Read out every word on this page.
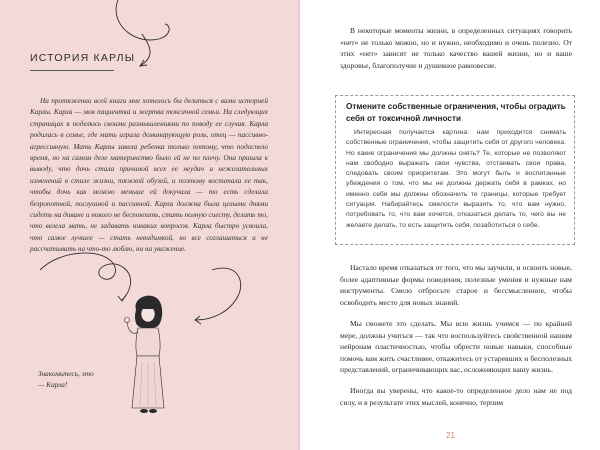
ИСТОРИЯ КАРЛЫ

На протяжении всей книги мне хотелось бы делиться с вами историей Карлы. Карла — моя пациентка и жертва токсичной семьи. На следующих страницах я поделюсь своими размышлениями по поводу ее случая. Карла родилась в семье, где мать играла доминирующую роль, отец — пассивно-агрессивную. Мать Карлы завела ребенка только потому, что подоспело время, но на самом деле материнство было ей не по плечу. Она пришла к выводу, что дочь стала причиной всех ее неудач и нежелательных изменений в стиле жизни, тяжкой обузой, и поэтому воспитала ее так, чтобы дочь как можно меньше ей докучала — то есть сделала безропотной, послушной и пассивной. Карла должна была целыми днями сидеть на диване и никого не беспокоить, стать полную сиесту, делать то, что велела мать, не задавать никаких вопросов. Карла быстро усвоила, что самое лучшее — стать невидимкой, ко все соглашаться и не рассчитывать на что-то люблю, ни на уважение.

Знакомьтесь, это — Карла!

В некоторые моменты жизни, в определенных ситуациях говорить «нет» не только можно, но и нужно, необходимо и очень полезно. От этих «нет» зависят не только качество вашей жизни, но и ваше здоровье, благополучие и душевное равновесие.

Отмените собственные ограничения, чтобы оградить себя от токсичной личности

Интересная получается картина: нам приходится снимать собственные ограничения, чтобы защитить себя от другого человека. Но какие ограничения мы должны снять? Те, которые не позволяют нам свободно выражать свои чувства, отстаивать свои права, следовать своим приоритетам. Это могут быть и воспитанные убеждения о том, что мы не должны держать себя в рамках, но именно себя мы должны обозначить те границы, которые требует ситуация. Набирайтесь смелости выразить то, что вам нужно, потребовать то, что вам хочется, отказаться делать то, чего вы не желаете делать, то есть защитить себя, позаботиться о себе.

Настало время отказаться от того, что мы заучили, и освоить новые, более адаптивные формы поведения, полезные умения и нужные нам инструменты. Смело отбросьте старое и бессмысленное, чтобы освободить место для новых знаний.

Мы сможете это сделать. Мы всю жизнь учимся — по крайней мере, должны учиться — так что воспользуйтесь свойственной нашим нейронам пластичностью, чтобы обрести новые навыки, способные помочь вам жить счастливее, откажитесь от устаревших и бесполезных представлений, ограничивающих вас, осложняющих вашу жизнь.

Иногда вы уверены, что какое-то определенное дело нам не под силу, и в результате этих мыслей, конечно, терпим

21
